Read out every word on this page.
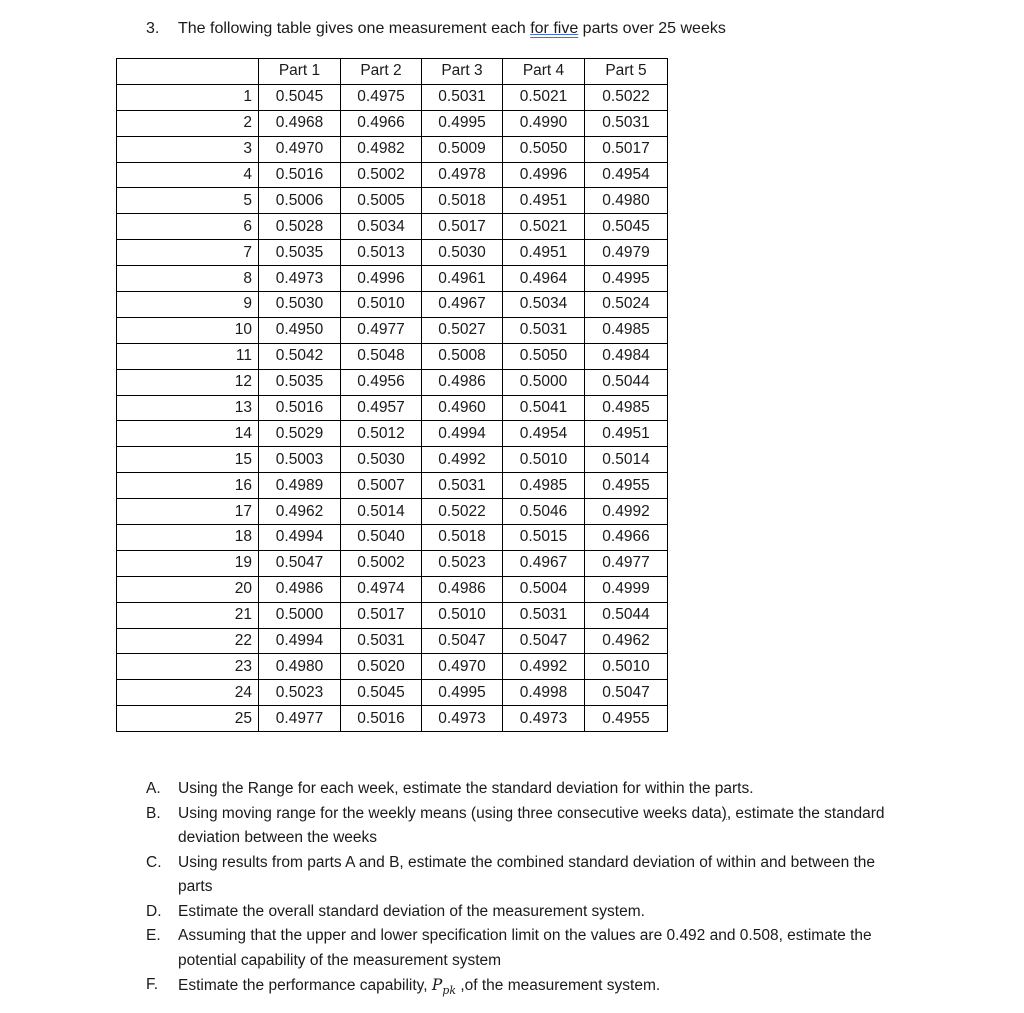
3. The following table gives one measurement each for five parts over 25 weeks
	Part 1	Part 2	Part 3	Part 4	Part 5
1	0.5045	0.4975	0.5031	0.5021	0.5022
2	0.4968	0.4966	0.4995	0.4990	0.5031
3	0.4970	0.4982	0.5009	0.5050	0.5017
4	0.5016	0.5002	0.4978	0.4996	0.4954
5	0.5006	0.5005	0.5018	0.4951	0.4980
6	0.5028	0.5034	0.5017	0.5021	0.5045
7	0.5035	0.5013	0.5030	0.4951	0.4979
8	0.4973	0.4996	0.4961	0.4964	0.4995
9	0.5030	0.5010	0.4967	0.5034	0.5024
10	0.4950	0.4977	0.5027	0.5031	0.4985
11	0.5042	0.5048	0.5008	0.5050	0.4984
12	0.5035	0.4956	0.4986	0.5000	0.5044
13	0.5016	0.4957	0.4960	0.5041	0.4985
14	0.5029	0.5012	0.4994	0.4954	0.4951
15	0.5003	0.5030	0.4992	0.5010	0.5014
16	0.4989	0.5007	0.5031	0.4985	0.4955
17	0.4962	0.5014	0.5022	0.5046	0.4992
18	0.4994	0.5040	0.5018	0.5015	0.4966
19	0.5047	0.5002	0.5023	0.4967	0.4977
20	0.4986	0.4974	0.4986	0.5004	0.4999
21	0.5000	0.5017	0.5010	0.5031	0.5044
22	0.4994	0.5031	0.5047	0.5047	0.4962
23	0.4980	0.5020	0.4970	0.4992	0.5010
24	0.5023	0.5045	0.4995	0.4998	0.5047
25	0.4977	0.5016	0.4973	0.4973	0.4955
A. Using the Range for each week, estimate the standard deviation for within the parts.
B. Using moving range for the weekly means (using three consecutive weeks data), estimate the standard deviation between the weeks
C. Using results from parts A and B, estimate the combined standard deviation of within and between the parts
D. Estimate the overall standard deviation of the measurement system.
E. Assuming that the upper and lower specification limit on the values are 0.492 and 0.508, estimate the potential capability of the measurement system
F. Estimate the performance capability, $P_{pk}$ ,of the measurement system.
